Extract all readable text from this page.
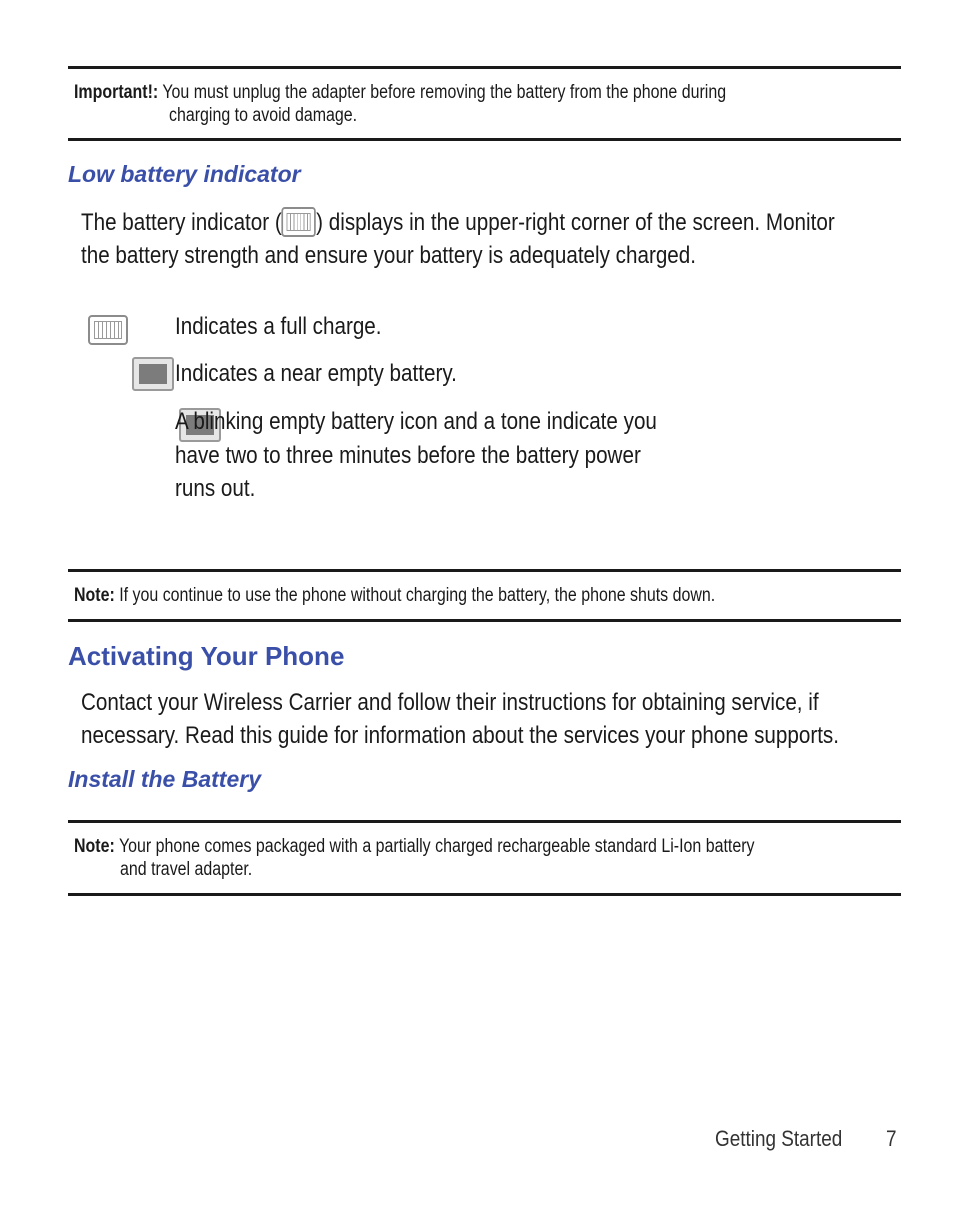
Important!: You must unplug the adapter before removing the battery from the phone during
charging to avoid damage.
Low battery indicator
The battery indicator ( ) displays in the upper-right corner of the screen. Monitor
the battery strength and ensure your battery is adequately charged.

Indicates a full charge.

Indicates a near empty battery.
A blinking empty battery icon and a tone indicate you
have two to three minutes before the battery power
runs out.
Note: If you continue to use the phone without charging the battery, the phone shuts down.
Activating Your Phone
Contact your Wireless Carrier and follow their instructions for obtaining service, if
necessary. Read this guide for information about the services your phone supports.
Install the Battery
Note: Your phone comes packaged with a partially charged rechargeable standard Li-Ion battery
and travel adapter.
Getting Started 7
